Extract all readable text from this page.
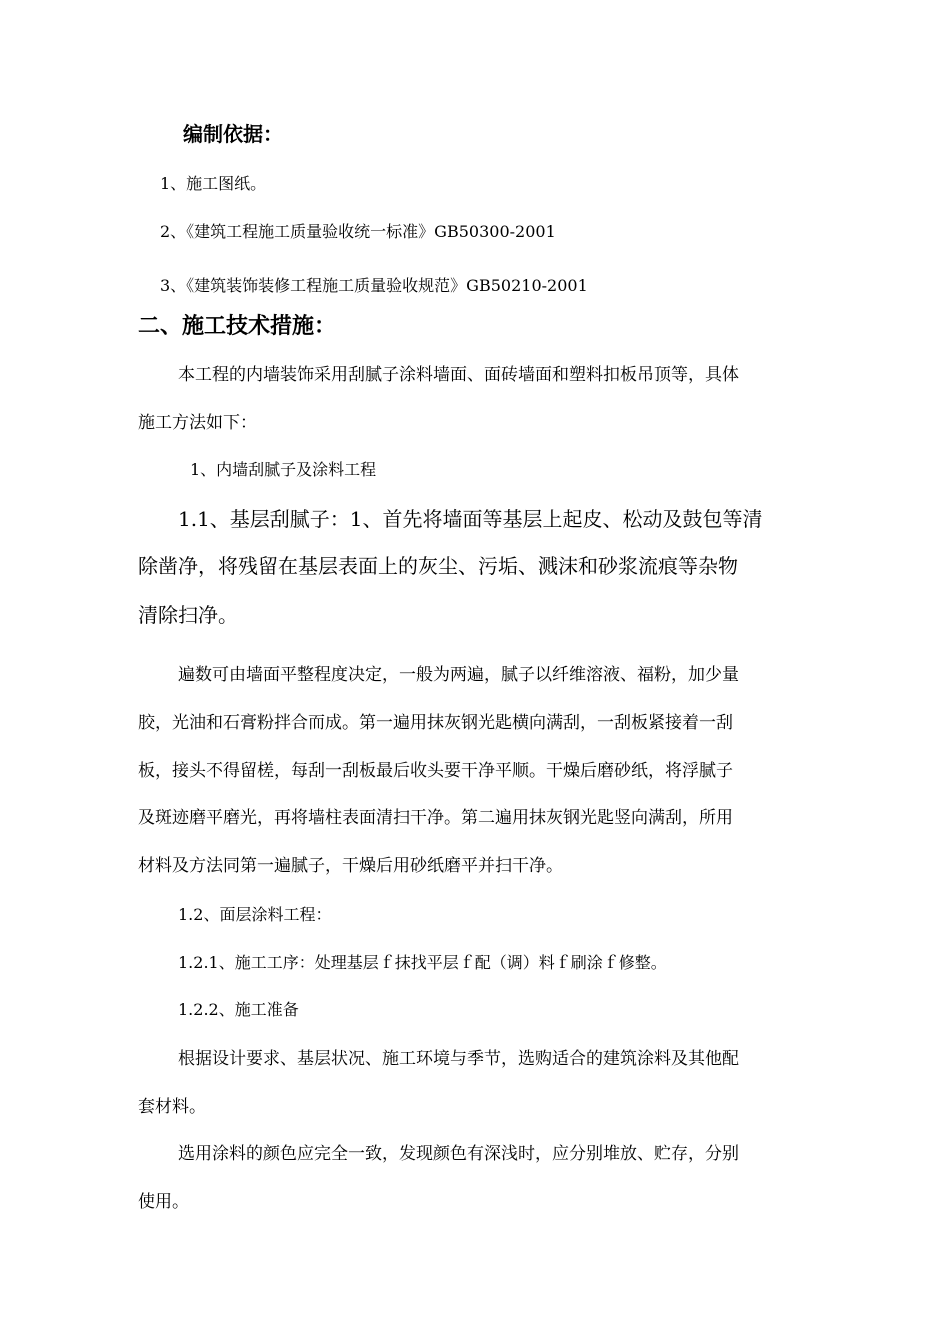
编制依据：
1、施工图纸。
2、《建筑工程施工质量验收统一标准》GB50300-2001
3、《建筑装饰装修工程施工质量验收规范》GB50210-2001
二、施工技术措施：
本工程的内墙装饰采用刮腻子涂料墙面、面砖墙面和塑料扣板吊顶等，具体
施工方法如下：
1、内墙刮腻子及涂料工程
1.1、基层刮腻子：1、首先将墙面等基层上起皮、松动及鼓包等清
除凿净，将残留在基层表面上的灰尘、污垢、溅沫和砂浆流痕等杂物
清除扫净。
遍数可由墙面平整程度决定，一般为两遍，腻子以纤维溶液、福粉，加少量
胶，光油和石膏粉拌合而成。第一遍用抹灰钢光匙横向满刮，一刮板紧接着一刮
板，接头不得留槎，每刮一刮板最后收头要干净平顺。干燥后磨砂纸，将浮腻子
及斑迹磨平磨光，再将墙柱表面清扫干净。第二遍用抹灰钢光匙竖向满刮，所用
材料及方法同第一遍腻子，干燥后用砂纸磨平并扫干净。
1.2、面层涂料工程：
1.2.1、施工工序：处理基层ｆ抹找平层ｆ配（调）料ｆ刷涂ｆ修整。
1.2.2、施工准备
根据设计要求、基层状况、施工环境与季节，选购适合的建筑涂料及其他配
套材料。
选用涂料的颜色应完全一致，发现颜色有深浅时，应分别堆放、贮存，分别
使用。
